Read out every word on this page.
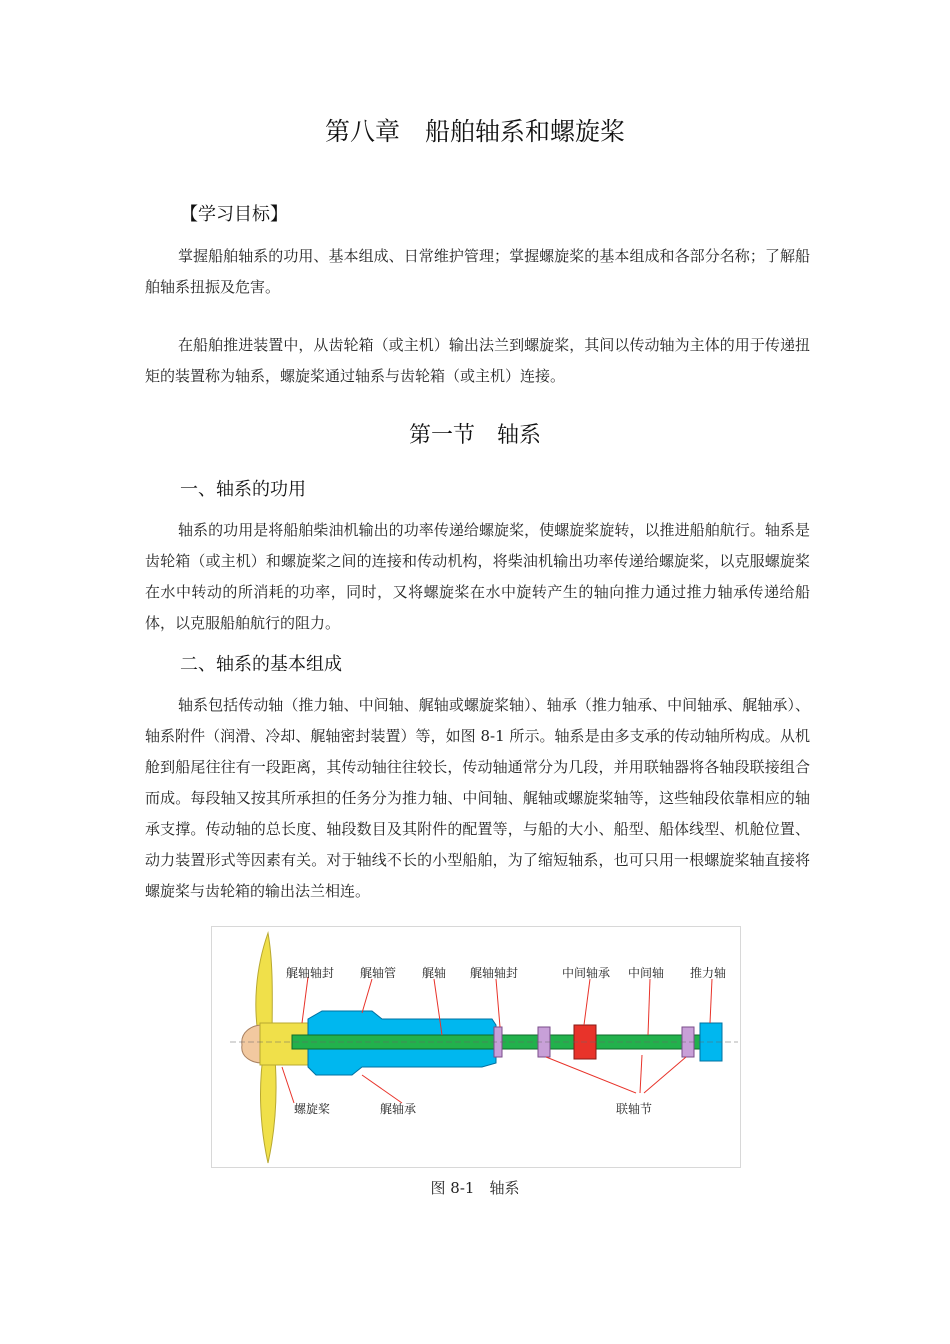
第八章　船舶轴系和螺旋桨
【学习目标】

掌握船舶轴系的功用、基本组成、日常维护管理；掌握螺旋桨的基本组成和各部分名称；了解船舶轴系扭振及危害。

在船舶推进装置中，从齿轮箱（或主机）输出法兰到螺旋桨，其间以传动轴为主体的用于传递扭矩的装置称为轴系，螺旋桨通过轴系与齿轮箱（或主机）连接。

第一节　轴系
一、轴系的功用

轴系的功用是将船舶柴油机输出的功率传递给螺旋桨，使螺旋桨旋转，以推进船舶航行。轴系是齿轮箱（或主机）和螺旋桨之间的连接和传动机构，将柴油机输出功率传递给螺旋桨，以克服螺旋桨在水中转动的所消耗的功率，同时，又将螺旋桨在水中旋转产生的轴向推力通过推力轴承传递给船体，以克服船舶航行的阻力。

二、轴系的基本组成

轴系包括传动轴（推力轴、中间轴、艉轴或螺旋桨轴）、轴承（推力轴承、中间轴承、艉轴承）、轴系附件（润滑、冷却、艉轴密封装置）等，如图 8-1 所示。轴系是由多支承的传动轴所构成。从机舱到船尾往往有一段距离，其传动轴往往较长，传动轴通常分为几段，并用联轴器将各轴段联接组合而成。每段轴又按其所承担的任务分为推力轴、中间轴、艉轴或螺旋桨轴等，这些轴段依靠相应的轴承支撑。传动轴的总长度、轴段数目及其附件的配置等，与船的大小、船型、船体线型、机舱位置、动力装置形式等因素有关。对于轴线不长的小型船舶，为了缩短轴系，也可只用一根螺旋桨轴直接将螺旋桨与齿轮箱的输出法兰相连。

艉轴轴封 艉轴管 艉轴 艉轴轴封	中间轴承 中间轴 推力轴
螺旋桨	艉轴承	联轴节
图 8-1　轴系
